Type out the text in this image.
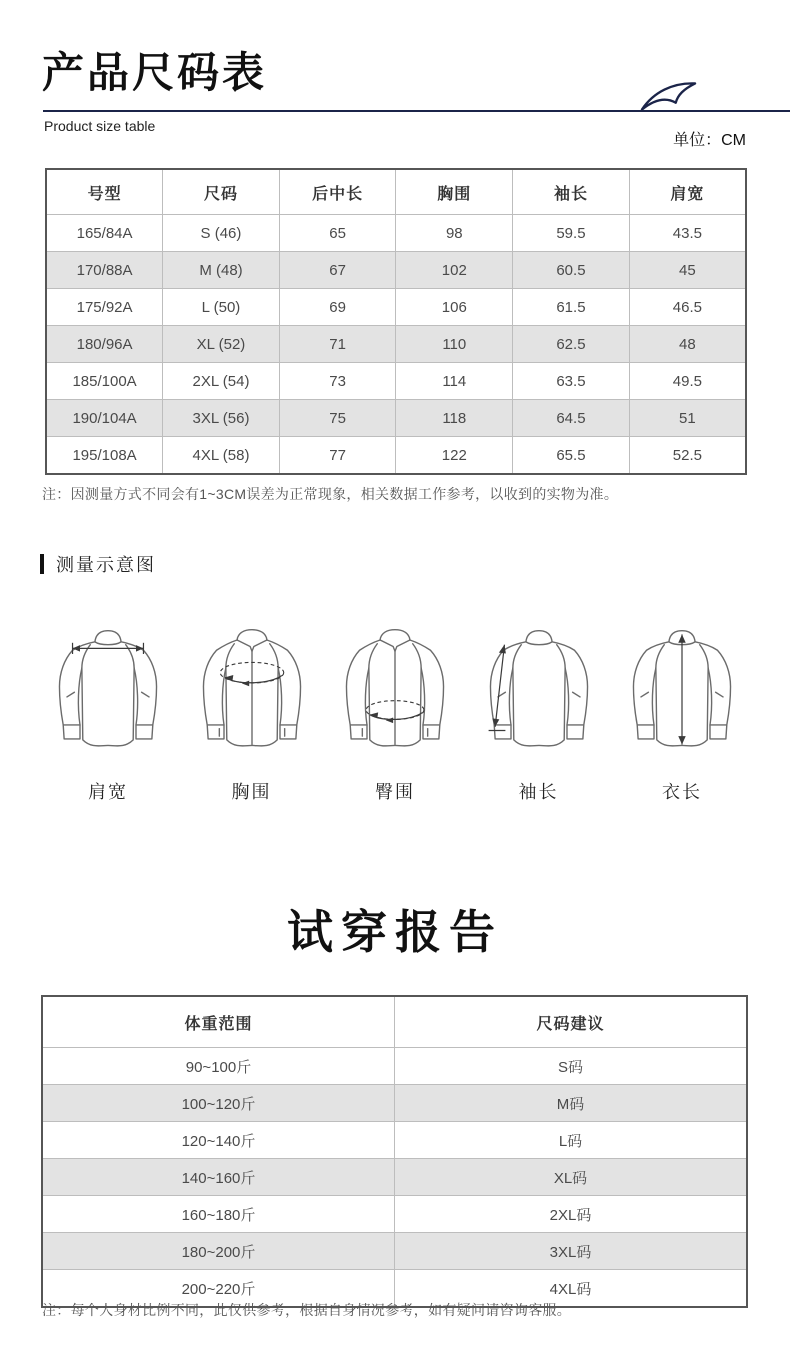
产品尺码表
Product size table
单位：CM
号型	尺码	后中长	胸围	袖长	肩宽
165/84A	S (46)	65	98	59.5	43.5
170/88A	M (48)	67	102	60.5	45
175/92A	L (50)	69	106	61.5	46.5
180/96A	XL (52)	71	110	62.5	48
185/100A	2XL (54)	73	114	63.5	49.5
190/104A	3XL (56)	75	118	64.5	51
195/108A	4XL (58)	77	122	65.5	52.5
注：因测量方式不同会有1~3CM误差为正常现象，相关数据工作参考，以收到的实物为准。
测量示意图
肩宽	胸围	臀围	袖长	衣长
试穿报告
体重范围	尺码建议
90~100斤	S码
100~120斤	M码
120~140斤	L码
140~160斤	XL码
160~180斤	2XL码
180~200斤	3XL码
200~220斤	4XL码
注：每个人身材比例不同，此仅供参考，根据自身情况参考，如有疑问请咨询客服。
